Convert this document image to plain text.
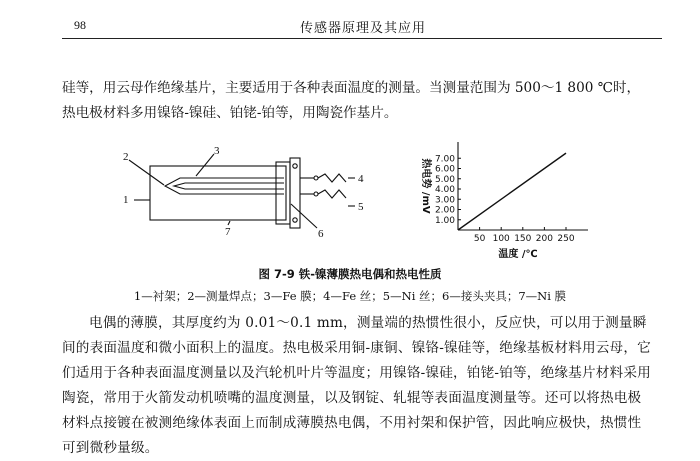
98	传感器原理及其应用

硅等，用云母作绝缘基片，主要适用于各种表面温度的测量。当测量范围为 500～1 800 ℃时，热电极材料多用镍铬-镍硅、铂铑-铂等，用陶瓷作基片。

1
2	3
4
5
6
7
1.00
2.00
3.00
4.00
5.00
6.00
7.00
50 100 150 200 250
热电势 /mV
温度 /℃
图 7-9 铁-镍薄膜热电偶和热电性质
1—衬架；2—测量焊点；3—Fe 膜；4—Fe 丝；5—Ni 丝；6—接头夹具；7—Ni 膜

电偶的薄膜，其厚度约为 0.01～0.1 mm，测量端的热惯性很小，反应快，可以用于测量瞬间的表面温度和微小面积上的温度。热电极采用铜-康铜、镍铬-镍硅等，绝缘基板材料用云母，它们适用于各种表面温度测量以及汽轮机叶片等温度；用镍铬-镍硅，铂铑-铂等，绝缘基片材料采用陶瓷，常用于火箭发动机喷嘴的温度测量，以及钢锭、轧辊等表面温度测量等。还可以将热电极材料点接镀在被测绝缘体表面上而制成薄膜热电偶，不用衬架和保护管，因此响应极快，热惯性可到微秒量级。
